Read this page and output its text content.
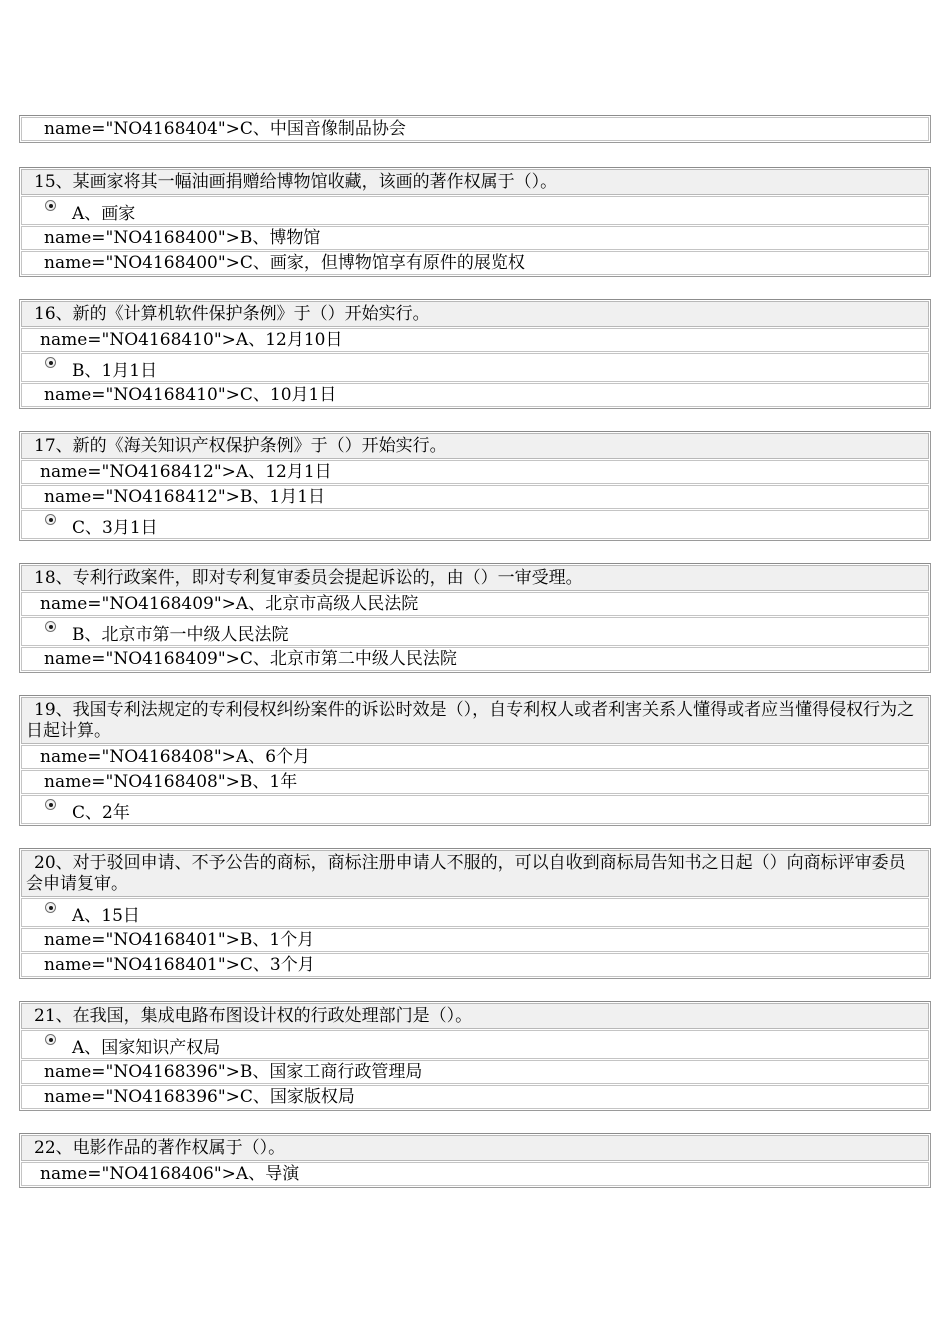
name="NO4168404">C、中国音像制品协会
15、某画家将其一幅油画捐赠给博物馆收藏，该画的著作权属于（）。
A、画家
name="NO4168400">B、博物馆
name="NO4168400">C、画家，但博物馆享有原件的展览权
16、新的《计算机软件保护条例》于（）开始实行。
name="NO4168410">A、12月10日
B、1月1日
name="NO4168410">C、10月1日
17、新的《海关知识产权保护条例》于（）开始实行。
name="NO4168412">A、12月1日
name="NO4168412">B、1月1日
C、3月1日
18、专利行政案件，即对专利复审委员会提起诉讼的，由（）一审受理。
name="NO4168409">A、北京市高级人民法院
B、北京市第一中级人民法院
name="NO4168409">C、北京市第二中级人民法院
19、我国专利法规定的专利侵权纠纷案件的诉讼时效是（），自专利权人或者利害关系人懂得或者应当懂得侵权行为之日起计算。
name="NO4168408">A、6个月
name="NO4168408">B、1年
C、2年
20、对于驳回申请、不予公告的商标，商标注册申请人不服的，可以自收到商标局告知书之日起（）向商标评审委员会申请复审。
A、15日
name="NO4168401">B、1个月
name="NO4168401">C、3个月
21、在我国，集成电路布图设计权的行政处理部门是（）。
A、国家知识产权局
name="NO4168396">B、国家工商行政管理局
name="NO4168396">C、国家版权局
22、电影作品的著作权属于（）。
name="NO4168406">A、导演
